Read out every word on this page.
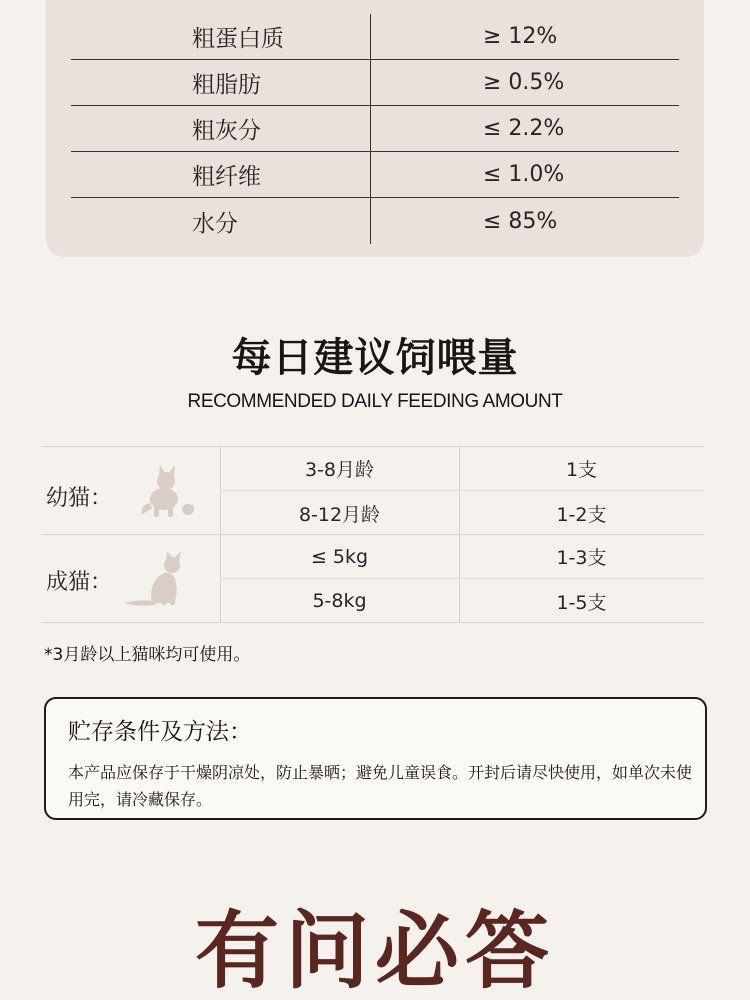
粗蛋白质	≥ 12%
粗脂肪	≥ 0.5%
粗灰分	≤ 2.2%
粗纤维	≤ 1.0%
水分	≤ 85%
每日建议饲喂量
RECOMMENDED DAILY FEEDING AMOUNT
幼猫：
3-8月龄	1支
8-12月龄	1-2支
成猫：
≤ 5kg	1-3支
5-8kg	1-5支
*3月龄以上猫咪均可使用。
贮存条件及方法：
本产品应保存于干燥阴凉处，防止暴晒；避免儿童误食。开封后请尽快使用，如单次未使用完，请冷藏保存。
有问必答
